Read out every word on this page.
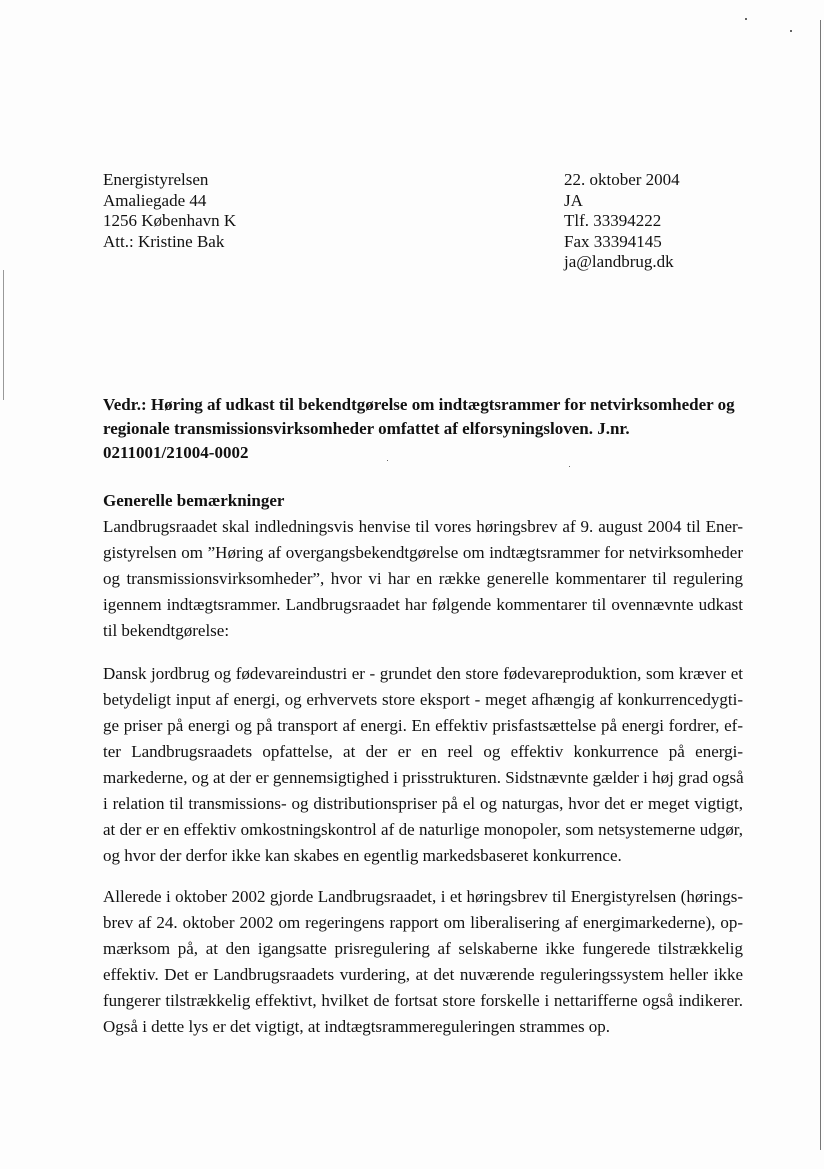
Energistyrelsen
Amaliegade 44
1256 København K
Att.: Kristine Bak
22. oktober 2004
JA
Tlf. 33394222
Fax 33394145
ja@landbrug.dk
Vedr.: Høring af udkast til bekendtgørelse om indtægtsrammer for netvirksomheder og
regionale transmissionsvirksomheder omfattet af elforsyningsloven. J.nr.
0211001/21004-0002
Generelle bemærkninger
Landbrugsraadet skal indledningsvis henvise til vores høringsbrev af 9. august 2004 til Ener-
gistyrelsen om ”Høring af overgangsbekendtgørelse om indtægtsrammer for netvirksomheder
og transmissionsvirksomheder”, hvor vi har en række generelle kommentarer til regulering
igennem indtægtsrammer. Landbrugsraadet har følgende kommentarer til ovennævnte udkast
til bekendtgørelse:
Dansk jordbrug og fødevareindustri er - grundet den store fødevareproduktion, som kræver et
betydeligt input af energi, og erhvervets store eksport - meget afhængig af konkurrencedygti-
ge priser på energi og på transport af energi. En effektiv prisfastsættelse på energi fordrer, ef-
ter Landbrugsraadets opfattelse, at der er en reel og effektiv konkurrence på energi-
markederne, og at der er gennemsigtighed i prisstrukturen. Sidstnævnte gælder i høj grad også
i relation til transmissions- og distributionspriser på el og naturgas, hvor det er meget vigtigt,
at der er en effektiv omkostningskontrol af de naturlige monopoler, som netsystemerne udgør,
og hvor der derfor ikke kan skabes en egentlig markedsbaseret konkurrence.
Allerede i oktober 2002 gjorde Landbrugsraadet, i et høringsbrev til Energistyrelsen (hørings-
brev af 24. oktober 2002 om regeringens rapport om liberalisering af energimarkederne), op-
mærksom på, at den igangsatte prisregulering af selskaberne ikke fungerede tilstrækkelig
effektiv. Det er Landbrugsraadets vurdering, at det nuværende reguleringssystem heller ikke
fungerer tilstrækkelig effektivt, hvilket de fortsat store forskelle i nettarifferne også indikerer.
Også i dette lys er det vigtigt, at indtægtsrammereguleringen strammes op.
